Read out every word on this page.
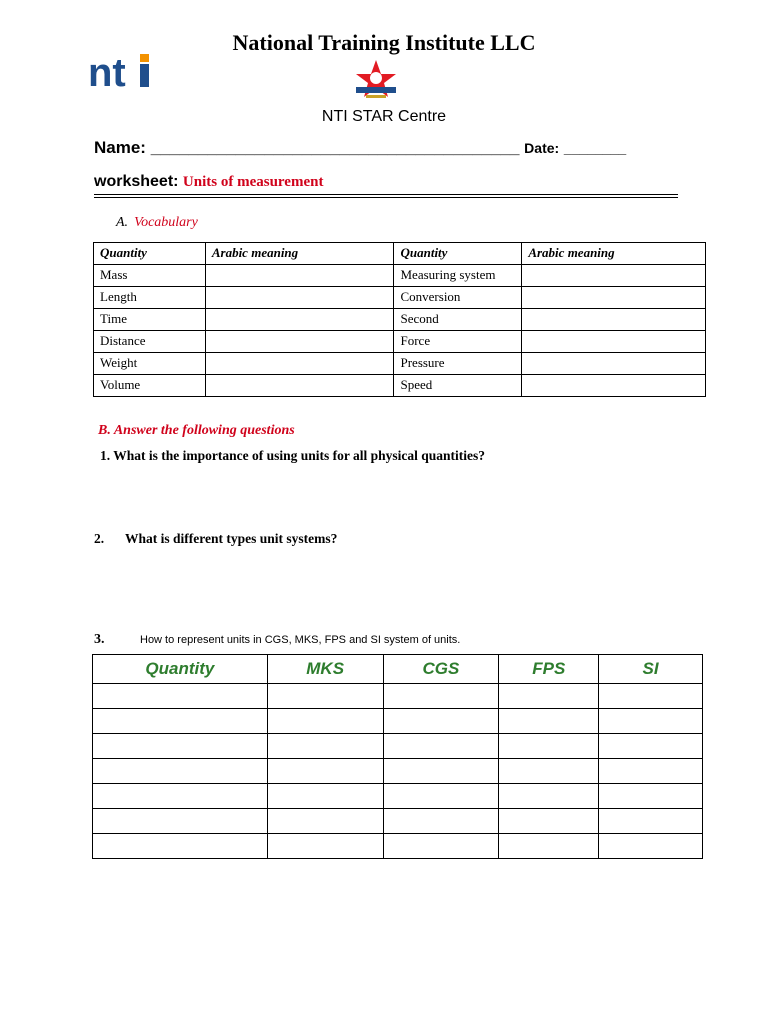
National Training Institute LLC
nt
NTI STAR Centre
Name: _______________________________________ Date: ________
worksheet: Units of measurement
A. Vocabulary
Quantity	Arabic meaning	Quantity	Arabic meaning
Mass		Measuring system	
Length		Conversion	
Time		Second	
Distance		Force	
Weight		Pressure	
Volume		Speed	
B. Answer the following questions
1. What is the importance of using units for all physical quantities?
2. What is different types unit systems?
3.	How to represent units in CGS, MKS, FPS and SI system of units.
Quantity	MKS	CGS	FPS	SI
